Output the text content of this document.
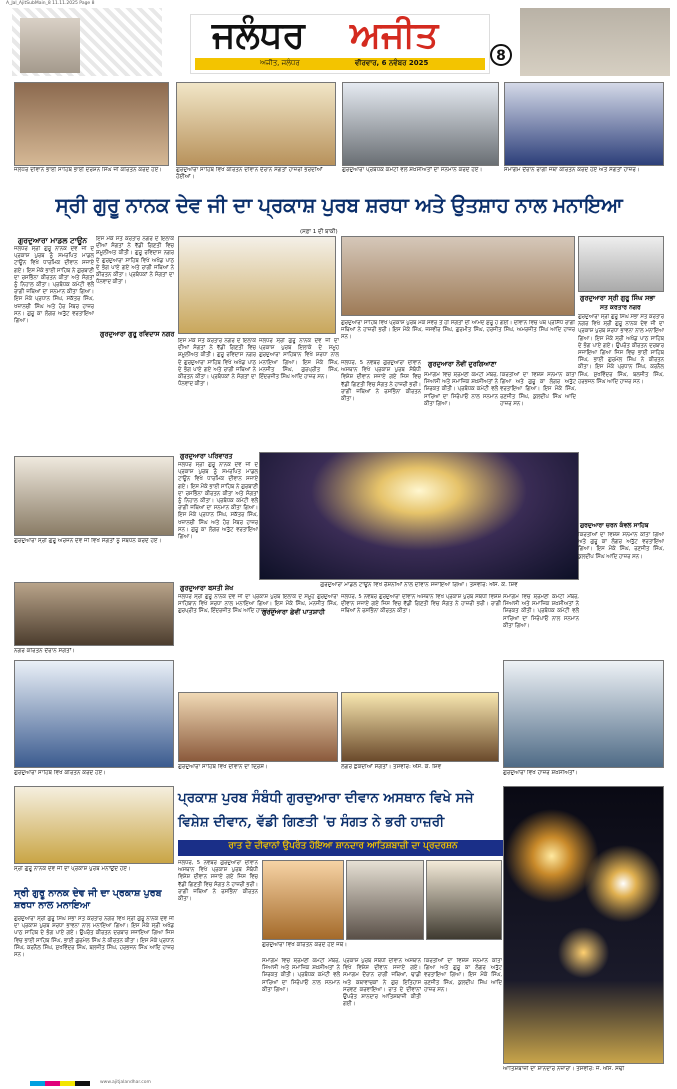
A_Jal_AjitSubMain_8 11.11.2025 Page 8
ਜਲੰਧਰ ਅਜੀਤ
ਅਜੀਤ, ਜਲੰਧਰ	ਵੀਰਵਾਰ, 6 ਨਵੰਬਰ 2025	8
ਜਲੰਧਰ ਦੀਵਾਨ ਭਾਈ ਸਾਹਿਬ ਭਾਈ ਦਰਸ਼ਨ ਸਿੰਘ ਜੀ ਕੀਰਤਨ ਕਰਦੇ ਹੋਏ।	ਗੁਰਦੁਆਰਾ ਸਾਹਿਬ ਵਿਖੇ ਕੀਰਤਨ ਦੀਵਾਨ ਦੌਰਾਨ ਸੰਗਤਾਂ ਹਾਜ਼ਰੀ ਭਰਦੀਆਂ ਹੋਈਆਂ।
ਗੁਰਦੁਆਰਾ ਪ੍ਰਬੰਧਕ ਕਮੇਟੀ ਵਲੋਂ ਸ਼ਖ਼ਸੀਅਤਾਂ ਦਾ ਸਨਮਾਨ ਕਰਦੇ ਹੋਏ।	ਸਮਾਗਮ ਦੌਰਾਨ ਰਾਗੀ ਜਥਾ ਕੀਰਤਨ ਕਰਦੇ ਹੋਏ ਅਤੇ ਸੰਗਤਾਂ ਹਾਜ਼ਰ।
ਸ੍ਰੀ ਗੁਰੂ ਨਾਨਕ ਦੇਵ ਜੀ ਦਾ ਪ੍ਰਕਾਸ਼ ਪੁਰਬ ਸ਼ਰਧਾ ਅਤੇ ਉਤਸ਼ਾਹ ਨਾਲ ਮਨਾਇਆ
(ਸਫ਼ਾ 1 ਦੀ ਬਾਕੀ)
ਗੁਰਦੁਆਰਾ ਮਾਡਲ ਟਾਊਨ
ਜਲੰਧਰ ਸ੍ਰੀ ਗੁਰੂ ਨਾਨਕ ਦੇਵ ਜੀ ਦੇ ਪ੍ਰਕਾਸ਼ ਪੁਰਬ ਨੂੰ ਸਮਰਪਿਤ ਮਾਡਲ ਟਾਊਨ ਵਿਖੇ ਧਾਰਮਿਕ ਦੀਵਾਨ ਸਜਾਏ ਗਏ। ਇਸ ਮੌਕੇ ਭਾਈ ਸਾਹਿਬ ਨੇ ਗੁਰਬਾਣੀ ਦਾ ਰਸਭਿੰਨਾ ਕੀਰਤਨ ਕੀਤਾ ਅਤੇ ਸੰਗਤਾਂ ਨੂੰ ਨਿਹਾਲ ਕੀਤਾ। ਪ੍ਰਬੰਧਕ ਕਮੇਟੀ ਵਲੋਂ ਰਾਗੀ ਜਥਿਆਂ ਦਾ ਸਨਮਾਨ ਕੀਤਾ ਗਿਆ। ਇਸ ਮੌਕੇ ਪ੍ਰਧਾਨ ਸਿੰਘ, ਸਕੱਤਰ ਸਿੰਘ, ਖਜ਼ਾਨਚੀ ਸਿੰਘ ਅਤੇ ਹੋਰ ਮੈਂਬਰ ਹਾਜ਼ਰ ਸਨ। ਗੁਰੂ ਕਾ ਲੰਗਰ ਅਤੁੱਟ ਵਰਤਾਇਆ ਗਿਆ।
ਇਸ ਮੌਕੇ ਸਤ ਕਰਤਾਰ ਨਗਰ ਦੇ ਇਲਾਕੇ ਦੀਆਂ ਸੰਗਤਾਂ ਨੇ ਵੱਡੀ ਗਿਣਤੀ ਵਿਚ ਸ਼ਮੂਲੀਅਤ ਕੀਤੀ। ਗੁਰੂ ਰਵਿਦਾਸ ਨਗਰ ਦੇ ਗੁਰਦੁਆਰਾ ਸਾਹਿਬ ਵਿਖੇ ਅਖੰਡ ਪਾਠ ਦੇ ਭੋਗ ਪਾਏ ਗਏ ਅਤੇ ਰਾਗੀ ਜਥਿਆਂ ਨੇ ਕੀਰਤਨ ਕੀਤਾ। ਪ੍ਰਬੰਧਕਾਂ ਨੇ ਸੰਗਤਾਂ ਦਾ ਧੰਨਵਾਦ ਕੀਤਾ।
ਗੁਰਦੁਆਰਾ ਗੁਰੂ ਰਵਿਦਾਸ ਨਗਰ
ਗੁਰਦੁਆਰਾ ਸ੍ਰੀ ਗੁਰੂ ਸਿੰਘ ਸਭਾ
ਸਤ ਕਰਤਾਰ ਨਗਰ
ਗੁਰਦੁਆਰਾ ਸ੍ਰੀ ਗੁਰੂ ਸਿੰਘ ਸਭਾ ਸਤ ਕਰਤਾਰ ਨਗਰ ਵਿਖੇ ਸ੍ਰੀ ਗੁਰੂ ਨਾਨਕ ਦੇਵ ਜੀ ਦਾ ਪ੍ਰਕਾਸ਼ ਪੁਰਬ ਸ਼ਰਧਾ ਭਾਵਨਾ ਨਾਲ ਮਨਾਇਆ ਗਿਆ। ਇਸ ਮੌਕੇ ਸ੍ਰੀ ਅਖੰਡ ਪਾਠ ਸਾਹਿਬ ਦੇ ਭੋਗ ਪਾਏ ਗਏ। ਉਪਰੰਤ ਕੀਰਤਨ ਦਰਬਾਰ ਸਜਾਇਆ ਗਿਆ ਜਿਸ ਵਿਚ ਭਾਈ ਸਾਹਿਬ ਸਿੰਘ, ਭਾਈ ਗੁਰਮੇਲ ਸਿੰਘ ਨੇ ਕੀਰਤਨ ਕੀਤਾ। ਇਸ ਮੌਕੇ ਪ੍ਰਧਾਨ ਸਿੰਘ, ਕਰਨੈਲ ਸਿੰਘ, ਸੁਖਵਿੰਦਰ ਸਿੰਘ, ਬਲਜੀਤ ਸਿੰਘ, ਹਰਭਜਨ ਸਿੰਘ ਆਦਿ ਹਾਜ਼ਰ ਸਨ।
ਗੁਰਦੁਆਰਾ ਸਾਹਿਬ ਵਿਖੇ ਪ੍ਰਕਾਸ਼ ਪੁਰਬ ਮੌਕੇ ਸਵੇਰ ਤੋਂ ਹੀ ਸੰਗਤਾਂ ਦੀ ਆਮਦ ਸ਼ੁਰੂ ਹੋ ਗਈ। ਦੀਵਾਨ ਵਿਚ ਪੰਥ ਪ੍ਰਸਿੱਧ ਰਾਗੀ ਜਥਿਆਂ ਨੇ ਹਾਜ਼ਰੀ ਭਰੀ। ਇਸ ਮੌਕੇ ਸਿੰਘ, ਜਸਵੀਰ ਸਿੰਘ, ਗੁਰਮੀਤ ਸਿੰਘ, ਹਰਜੀਤ ਸਿੰਘ, ਅਮਰਜੀਤ ਸਿੰਘ ਆਦਿ ਹਾਜ਼ਰ ਸਨ।
ਇਸ ਮੌਕੇ ਸਤ ਕਰਤਾਰ ਨਗਰ ਦੇ ਇਲਾਕੇ ਦੀਆਂ ਸੰਗਤਾਂ ਨੇ ਵੱਡੀ ਗਿਣਤੀ ਵਿਚ ਸ਼ਮੂਲੀਅਤ ਕੀਤੀ। ਗੁਰੂ ਰਵਿਦਾਸ ਨਗਰ ਦੇ ਗੁਰਦੁਆਰਾ ਸਾਹਿਬ ਵਿਖੇ ਅਖੰਡ ਪਾਠ ਦੇ ਭੋਗ ਪਾਏ ਗਏ ਅਤੇ ਰਾਗੀ ਜਥਿਆਂ ਨੇ ਕੀਰਤਨ ਕੀਤਾ। ਪ੍ਰਬੰਧਕਾਂ ਨੇ ਸੰਗਤਾਂ ਦਾ ਧੰਨਵਾਦ ਕੀਤਾ।
ਜਲੰਧਰ ਸ੍ਰੀ ਗੁਰੂ ਨਾਨਕ ਦੇਵ ਜੀ ਦਾ ਪ੍ਰਕਾਸ਼ ਪੁਰਬ ਇਲਾਕੇ ਦੇ ਸਮੂਹ ਗੁਰਦੁਆਰਾ ਸਾਹਿਬਾਨ ਵਿਖੇ ਸ਼ਰਧਾ ਨਾਲ ਮਨਾਇਆ ਗਿਆ। ਇਸ ਮੌਕੇ ਸਿੰਘ, ਮਨਜੀਤ ਸਿੰਘ, ਗੁਰਪ੍ਰੀਤ ਸਿੰਘ, ਇੰਦਰਜੀਤ ਸਿੰਘ ਆਦਿ ਹਾਜ਼ਰ ਸਨ।
ਜਲੰਧਰ, 5 ਨਵੰਬਰ ਗੁਰਦੁਆਰਾ ਦੀਵਾਨ ਅਸਥਾਨ ਵਿਖੇ ਪ੍ਰਕਾਸ਼ ਪੁਰਬ ਸੰਬੰਧੀ ਵਿਸ਼ੇਸ਼ ਦੀਵਾਨ ਸਜਾਏ ਗਏ ਜਿਸ ਵਿਚ ਵੱਡੀ ਗਿਣਤੀ ਵਿਚ ਸੰਗਤ ਨੇ ਹਾਜ਼ਰੀ ਭਰੀ। ਰਾਗੀ ਜਥਿਆਂ ਨੇ ਰਸਭਿੰਨਾ ਕੀਰਤਨ ਕੀਤਾ।
ਗੁਰਦੁਆਰਾ ਨੌਵੀਂ ਦੁਰਗਿਆਣਾ
ਸਮਾਗਮ ਵਿਚ ਸ਼੍ਰੋਮਣੀ ਕਮੇਟੀ ਮੈਂਬਰ, ਸਿਆਸੀ ਅਤੇ ਸਮਾਜਿਕ ਸ਼ਖ਼ਸੀਅਤਾਂ ਨੇ ਸ਼ਿਰਕਤ ਕੀਤੀ। ਪ੍ਰਬੰਧਕ ਕਮੇਟੀ ਵਲੋਂ ਸਾਰਿਆਂ ਦਾ ਸਿਰੋਪਾਓ ਨਾਲ ਸਨਮਾਨ ਕੀਤਾ ਗਿਆ।
ਕਿਰਤੀਆਂ ਦਾ ਵਿਸ਼ੇਸ਼ ਸਨਮਾਨ ਕੀਤਾ ਗਿਆ ਅਤੇ ਗੁਰੂ ਕਾ ਲੰਗਰ ਅਤੁੱਟ ਵਰਤਾਇਆ ਗਿਆ। ਇਸ ਮੌਕੇ ਸਿੰਘ, ਰਣਜੀਤ ਸਿੰਘ, ਕੁਲਦੀਪ ਸਿੰਘ ਆਦਿ ਹਾਜ਼ਰ ਸਨ।
ਗੁਰਦੁਆਰਾ ਸ੍ਰੀ ਗੁਰੂ ਅਰਜਨ ਦੇਵ ਜੀ ਵਿਖੇ ਸੰਗਤਾਂ ਨੂੰ ਸੰਬੋਧਨ ਕਰਦੇ ਹੋਏ।
ਨਗਰ ਕੀਰਤਨ ਦੌਰਾਨ ਸੰਗਤਾਂ।
ਗੁਰਦੁਆਰਾ ਸਾਹਿਬ ਵਿਖੇ ਕੀਰਤਨ ਕਰਦੇ ਹੋਏ।
ਸ੍ਰੀ ਗੁਰੂ ਨਾਨਕ ਦੇਵ ਜੀ ਦਾ ਪ੍ਰਕਾਸ਼ ਪੁਰਬ ਮਨਾਉਂਦੇ ਹੋਏ।
ਗੁਰਦੁਆਰਾ ਪਰਿਵਾਰਤ
ਜਲੰਧਰ ਸ੍ਰੀ ਗੁਰੂ ਨਾਨਕ ਦੇਵ ਜੀ ਦੇ ਪ੍ਰਕਾਸ਼ ਪੁਰਬ ਨੂੰ ਸਮਰਪਿਤ ਮਾਡਲ ਟਾਊਨ ਵਿਖੇ ਧਾਰਮਿਕ ਦੀਵਾਨ ਸਜਾਏ ਗਏ। ਇਸ ਮੌਕੇ ਭਾਈ ਸਾਹਿਬ ਨੇ ਗੁਰਬਾਣੀ ਦਾ ਰਸਭਿੰਨਾ ਕੀਰਤਨ ਕੀਤਾ ਅਤੇ ਸੰਗਤਾਂ ਨੂੰ ਨਿਹਾਲ ਕੀਤਾ। ਪ੍ਰਬੰਧਕ ਕਮੇਟੀ ਵਲੋਂ ਰਾਗੀ ਜਥਿਆਂ ਦਾ ਸਨਮਾਨ ਕੀਤਾ ਗਿਆ। ਇਸ ਮੌਕੇ ਪ੍ਰਧਾਨ ਸਿੰਘ, ਸਕੱਤਰ ਸਿੰਘ, ਖਜ਼ਾਨਚੀ ਸਿੰਘ ਅਤੇ ਹੋਰ ਮੈਂਬਰ ਹਾਜ਼ਰ ਸਨ। ਗੁਰੂ ਕਾ ਲੰਗਰ ਅਤੁੱਟ ਵਰਤਾਇਆ ਗਿਆ।
ਗੁਰਦੁਆਰਾ ਮਾਡਲ ਟਾਊਨ ਵਿਖੇ ਰੌਸ਼ਨੀਆਂ ਨਾਲ ਦੀਵਾਨ ਸਜਾਇਆ ਗਿਆ। ਤਸਵੀਰ: ਐੱਸ. ਕੇ. ਸ਼ਿਵ
ਗੁਰਦੁਆਰਾ ਬਸਤੀ ਸ਼ੇਖ
ਜਲੰਧਰ ਸ੍ਰੀ ਗੁਰੂ ਨਾਨਕ ਦੇਵ ਜੀ ਦਾ ਪ੍ਰਕਾਸ਼ ਪੁਰਬ ਇਲਾਕੇ ਦੇ ਸਮੂਹ ਗੁਰਦੁਆਰਾ ਸਾਹਿਬਾਨ ਵਿਖੇ ਸ਼ਰਧਾ ਨਾਲ ਮਨਾਇਆ ਗਿਆ। ਇਸ ਮੌਕੇ ਸਿੰਘ, ਮਨਜੀਤ ਸਿੰਘ, ਗੁਰਪ੍ਰੀਤ ਸਿੰਘ, ਇੰਦਰਜੀਤ ਸਿੰਘ ਆਦਿ ਹਾਜ਼ਰ ਸਨ।
ਗੁਰਦੁਆਰਾ ਛੇਵੀਂ ਪਾਤਸ਼ਾਹੀ
ਜਲੰਧਰ, 5 ਨਵੰਬਰ ਗੁਰਦੁਆਰਾ ਦੀਵਾਨ ਅਸਥਾਨ ਵਿਖੇ ਪ੍ਰਕਾਸ਼ ਪੁਰਬ ਸੰਬੰਧੀ ਵਿਸ਼ੇਸ਼ ਦੀਵਾਨ ਸਜਾਏ ਗਏ ਜਿਸ ਵਿਚ ਵੱਡੀ ਗਿਣਤੀ ਵਿਚ ਸੰਗਤ ਨੇ ਹਾਜ਼ਰੀ ਭਰੀ। ਰਾਗੀ ਜਥਿਆਂ ਨੇ ਰਸਭਿੰਨਾ ਕੀਰਤਨ ਕੀਤਾ।
ਸਮਾਗਮ ਵਿਚ ਸ਼੍ਰੋਮਣੀ ਕਮੇਟੀ ਮੈਂਬਰ, ਸਿਆਸੀ ਅਤੇ ਸਮਾਜਿਕ ਸ਼ਖ਼ਸੀਅਤਾਂ ਨੇ ਸ਼ਿਰਕਤ ਕੀਤੀ। ਪ੍ਰਬੰਧਕ ਕਮੇਟੀ ਵਲੋਂ ਸਾਰਿਆਂ ਦਾ ਸਿਰੋਪਾਓ ਨਾਲ ਸਨਮਾਨ ਕੀਤਾ ਗਿਆ।
ਗੁਰਦੁਆਰਾ ਚਰਨ ਕੰਵਲ ਸਾਹਿਬ
ਕਿਰਤੀਆਂ ਦਾ ਵਿਸ਼ੇਸ਼ ਸਨਮਾਨ ਕੀਤਾ ਗਿਆ ਅਤੇ ਗੁਰੂ ਕਾ ਲੰਗਰ ਅਤੁੱਟ ਵਰਤਾਇਆ ਗਿਆ। ਇਸ ਮੌਕੇ ਸਿੰਘ, ਰਣਜੀਤ ਸਿੰਘ, ਕੁਲਦੀਪ ਸਿੰਘ ਆਦਿ ਹਾਜ਼ਰ ਸਨ।
ਗੁਰਦੁਆਰਾ ਸਾਹਿਬ ਵਿਖੇ ਦੀਵਾਨ ਦਾ ਦ੍ਰਿਸ਼।	ਲੰਗਰ ਛਕਦੀਆਂ ਸੰਗਤਾਂ। ਤਸਵੀਰ: ਐੱਸ. ਕੇ. ਸ਼ਿਵ
ਗੁਰਦੁਆਰਾ ਵਿਖੇ ਹਾਜ਼ਰ ਸ਼ਖ਼ਸੀਅਤਾਂ।
ਪ੍ਰਕਾਸ਼ ਪੁਰਬ ਸੰਬੰਧੀ ਗੁਰਦੁਆਰਾ ਦੀਵਾਨ ਅਸਥਾਨ ਵਿਖੇ ਸਜੇ
ਵਿਸ਼ੇਸ਼ ਦੀਵਾਨ, ਵੱਡੀ ਗਿਣਤੀ 'ਚ ਸੰਗਤ ਨੇ ਭਰੀ ਹਾਜ਼ਰੀ
ਰਾਤ ਦੇ ਦੀਵਾਨਾਂ ਉਪਰੰਤ ਹੋਇਆ ਸ਼ਾਨਦਾਰ ਆਤਿਸ਼ਬਾਜ਼ੀ ਦਾ ਪ੍ਰਦਰਸ਼ਨ
ਸ੍ਰੀ ਗੁਰੂ ਨਾਨਕ ਦੇਵ ਜੀ ਦਾ ਪ੍ਰਕਾਸ਼ ਪੁਰਬ ਸ਼ਰਧਾ ਨਾਲ ਮਨਾਇਆ
ਗੁਰਦੁਆਰਾ ਸ੍ਰੀ ਗੁਰੂ ਸਿੰਘ ਸਭਾ ਸਤ ਕਰਤਾਰ ਨਗਰ ਵਿਖੇ ਸ੍ਰੀ ਗੁਰੂ ਨਾਨਕ ਦੇਵ ਜੀ ਦਾ ਪ੍ਰਕਾਸ਼ ਪੁਰਬ ਸ਼ਰਧਾ ਭਾਵਨਾ ਨਾਲ ਮਨਾਇਆ ਗਿਆ। ਇਸ ਮੌਕੇ ਸ੍ਰੀ ਅਖੰਡ ਪਾਠ ਸਾਹਿਬ ਦੇ ਭੋਗ ਪਾਏ ਗਏ। ਉਪਰੰਤ ਕੀਰਤਨ ਦਰਬਾਰ ਸਜਾਇਆ ਗਿਆ ਜਿਸ ਵਿਚ ਭਾਈ ਸਾਹਿਬ ਸਿੰਘ, ਭਾਈ ਗੁਰਮੇਲ ਸਿੰਘ ਨੇ ਕੀਰਤਨ ਕੀਤਾ। ਇਸ ਮੌਕੇ ਪ੍ਰਧਾਨ ਸਿੰਘ, ਕਰਨੈਲ ਸਿੰਘ, ਸੁਖਵਿੰਦਰ ਸਿੰਘ, ਬਲਜੀਤ ਸਿੰਘ, ਹਰਭਜਨ ਸਿੰਘ ਆਦਿ ਹਾਜ਼ਰ ਸਨ।
ਜਲੰਧਰ, 5 ਨਵੰਬਰ ਗੁਰਦੁਆਰਾ ਦੀਵਾਨ ਅਸਥਾਨ ਵਿਖੇ ਪ੍ਰਕਾਸ਼ ਪੁਰਬ ਸੰਬੰਧੀ ਵਿਸ਼ੇਸ਼ ਦੀਵਾਨ ਸਜਾਏ ਗਏ ਜਿਸ ਵਿਚ ਵੱਡੀ ਗਿਣਤੀ ਵਿਚ ਸੰਗਤ ਨੇ ਹਾਜ਼ਰੀ ਭਰੀ। ਰਾਗੀ ਜਥਿਆਂ ਨੇ ਰਸਭਿੰਨਾ ਕੀਰਤਨ ਕੀਤਾ।
ਗੁਰਦੁਆਰਾ ਵਿਖੇ ਕੀਰਤਨ ਕਰਦੇ ਹੋਏ ਜਥੇ।
ਸਮਾਗਮ ਵਿਚ ਸ਼੍ਰੋਮਣੀ ਕਮੇਟੀ ਮੈਂਬਰ, ਸਿਆਸੀ ਅਤੇ ਸਮਾਜਿਕ ਸ਼ਖ਼ਸੀਅਤਾਂ ਨੇ ਸ਼ਿਰਕਤ ਕੀਤੀ। ਪ੍ਰਬੰਧਕ ਕਮੇਟੀ ਵਲੋਂ ਸਾਰਿਆਂ ਦਾ ਸਿਰੋਪਾਓ ਨਾਲ ਸਨਮਾਨ ਕੀਤਾ ਗਿਆ।
ਪ੍ਰਕਾਸ਼ ਪੁਰਬ ਸੰਬੰਧੀ ਦੀਵਾਨ ਅਸਥਾਨ ਵਿਖੇ ਵਿਸ਼ੇਸ਼ ਦੀਵਾਨ ਸਜਾਏ ਗਏ। ਸਮਾਗਮ ਦੌਰਾਨ ਰਾਗੀ ਜਥਿਆਂ, ਢਾਡੀ ਅਤੇ ਕਥਾਵਾਚਕਾਂ ਨੇ ਗੁਰ ਇਤਿਹਾਸ ਸਰਵਣ ਕਰਵਾਇਆ। ਰਾਤ ਦੇ ਦੀਵਾਨਾਂ ਉਪਰੰਤ ਸ਼ਾਨਦਾਰ ਆਤਿਸ਼ਬਾਜ਼ੀ ਕੀਤੀ ਗਈ।
ਕਿਰਤੀਆਂ ਦਾ ਵਿਸ਼ੇਸ਼ ਸਨਮਾਨ ਕੀਤਾ ਗਿਆ ਅਤੇ ਗੁਰੂ ਕਾ ਲੰਗਰ ਅਤੁੱਟ ਵਰਤਾਇਆ ਗਿਆ। ਇਸ ਮੌਕੇ ਸਿੰਘ, ਰਣਜੀਤ ਸਿੰਘ, ਕੁਲਦੀਪ ਸਿੰਘ ਆਦਿ ਹਾਜ਼ਰ ਸਨ।
ਆਤਿਸ਼ਬਾਜ਼ੀ ਦਾ ਸ਼ਾਨਦਾਰ ਨਜ਼ਾਰਾ। ਤਸਵੀਰ: ਜੇ. ਐੱਸ. ਸੋਢੀ
www.ajitjalandhar.com
